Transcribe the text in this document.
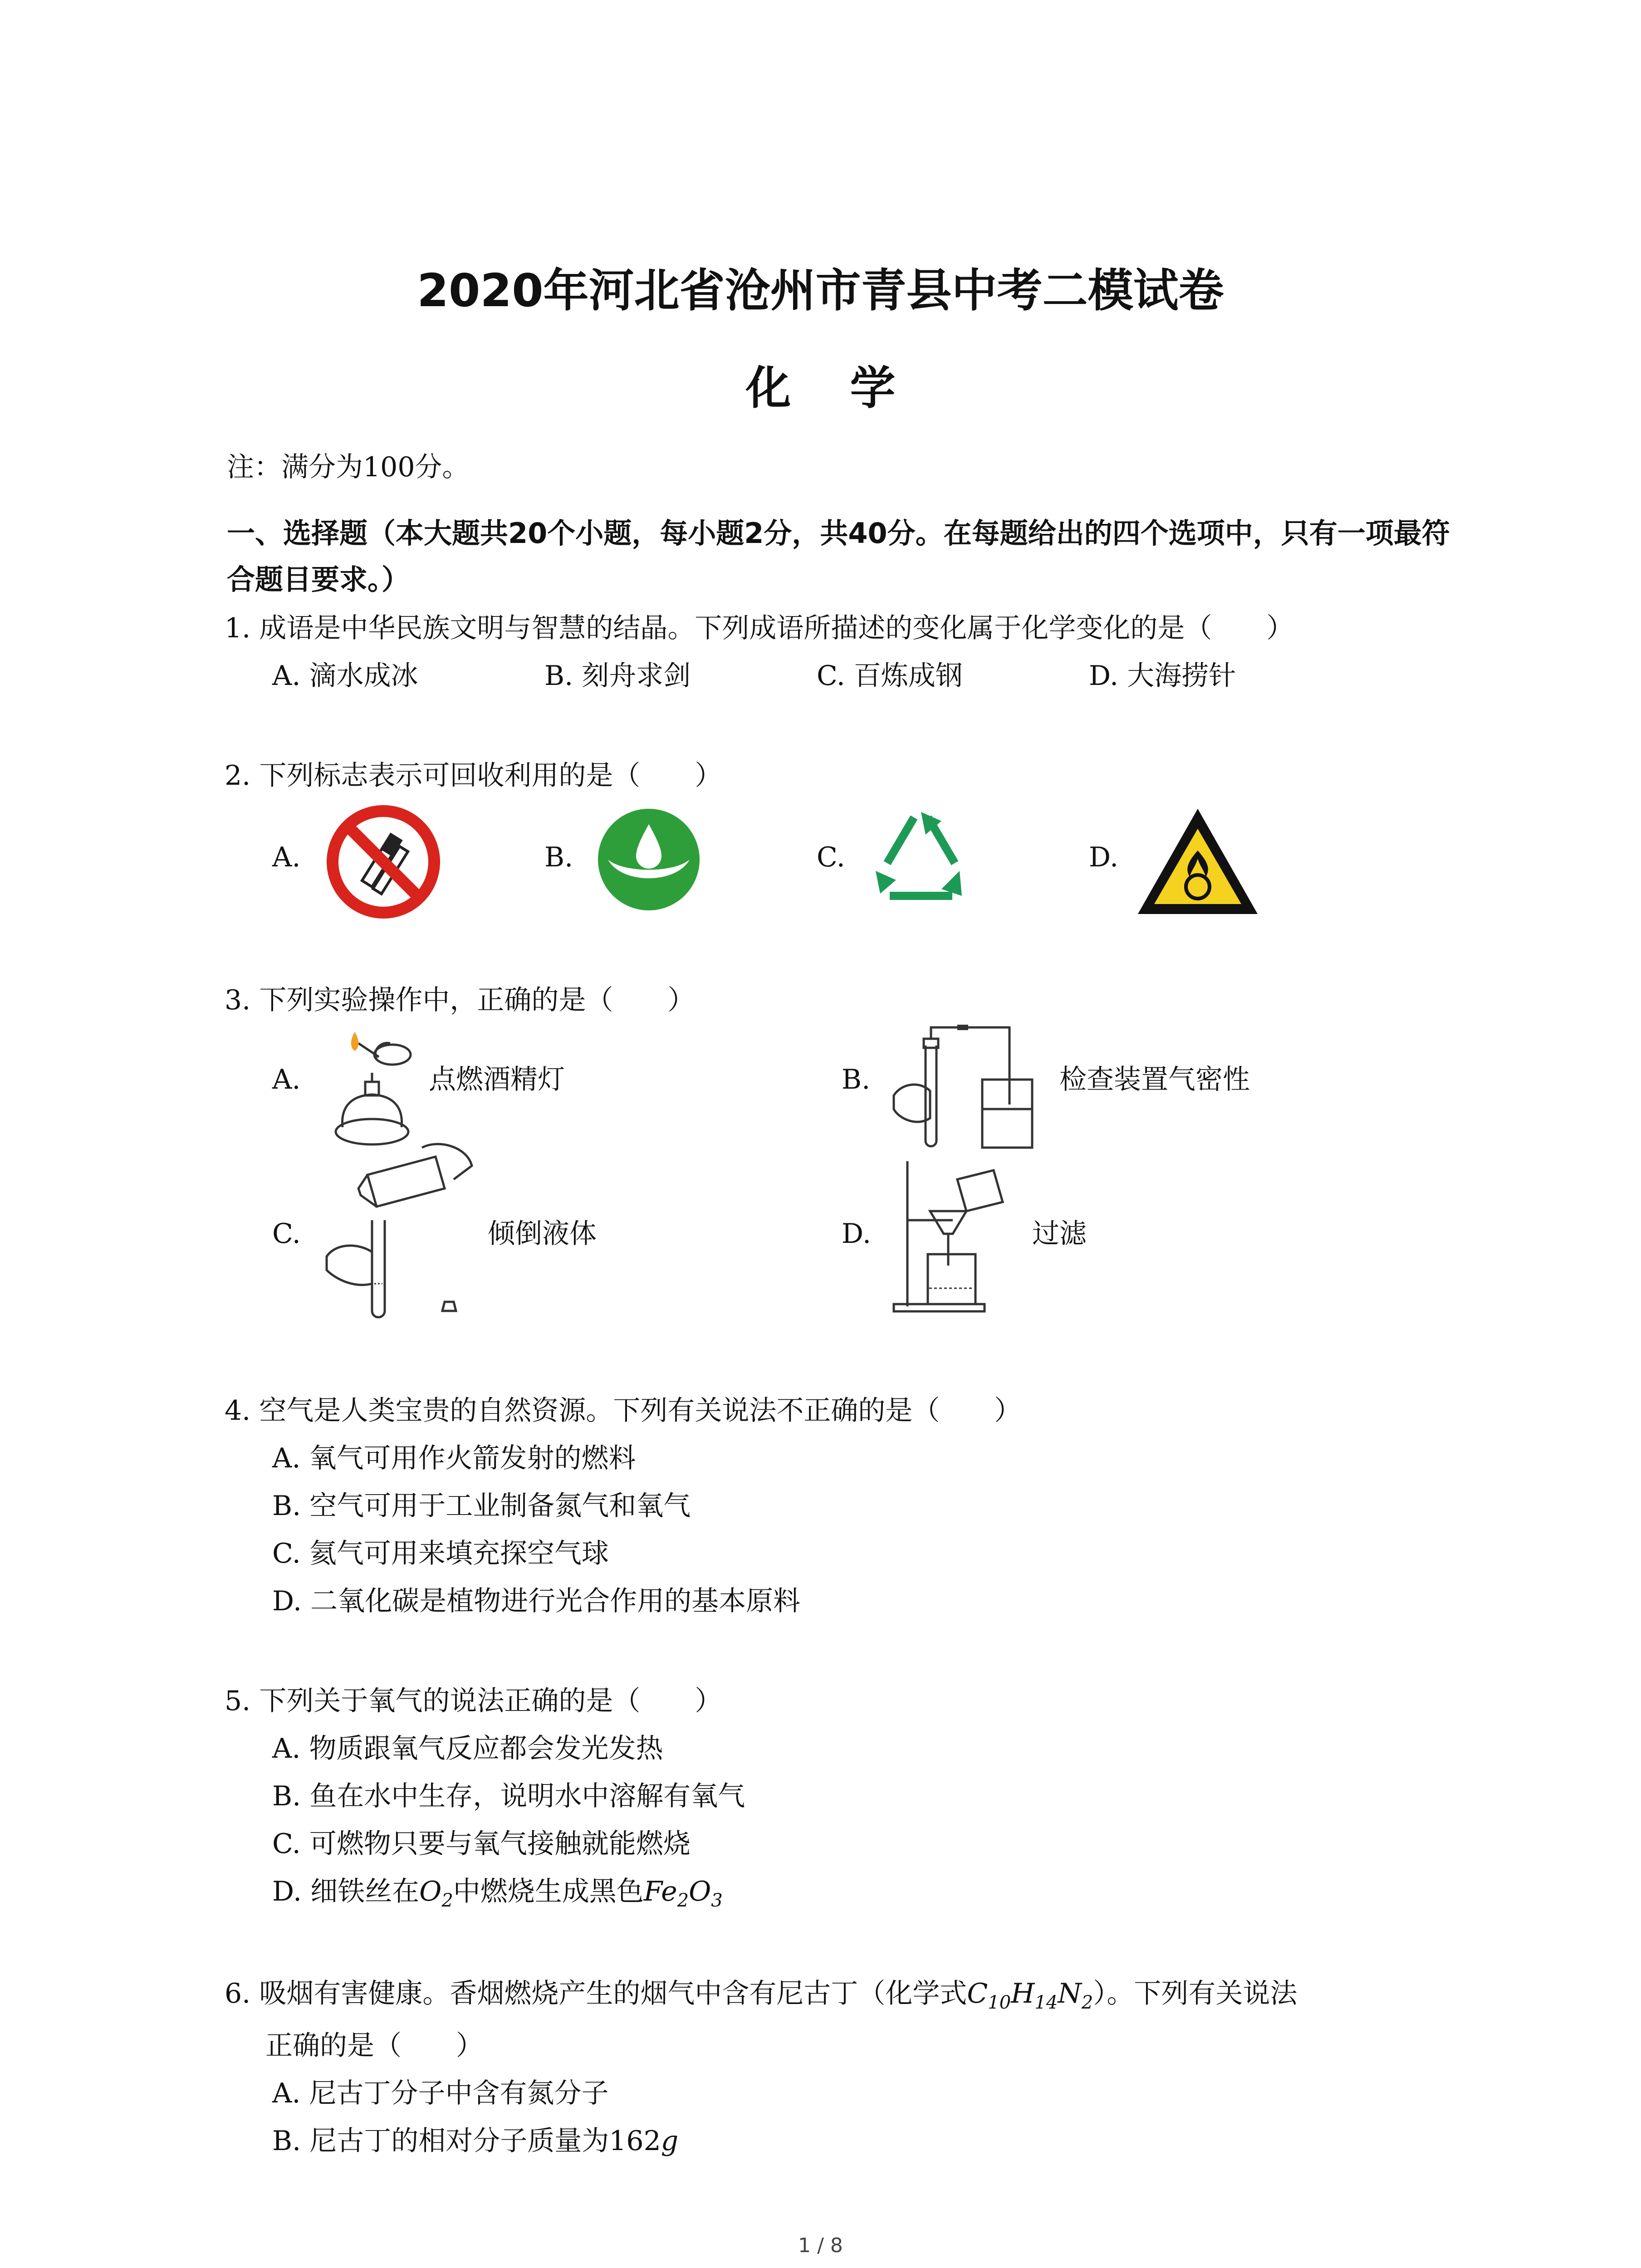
2020年河北省沧州市青县中考二模试卷
化学
注：满分为100分。
一、选择题（本大题共20个小题，每小题2分，共40分。在每题给出的四个选项中，只有一项最符合题目要求。）
1. 成语是中华民族文明与智慧的结晶。下列成语所描述的变化属于化学变化的是（　　）
A. 滴水成冰	B. 刻舟求剑	C. 百炼成钢	D. 大海捞针
2. 下列标志表示可回收利用的是（　　）
A.	B.	C.	D.
3. 下列实验操作中，正确的是（　　）
A.	点燃酒精灯	B.	检查装置气密性
C.	倾倒液体	D.	过滤
4. 空气是人类宝贵的自然资源。下列有关说法不正确的是（　　）
A. 氧气可用作火箭发射的燃料
B. 空气可用于工业制备氮气和氧气
C. 氦气可用来填充探空气球
D. 二氧化碳是植物进行光合作用的基本原料
5. 下列关于氧气的说法正确的是（　　）
A. 物质跟氧气反应都会发光发热
B. 鱼在水中生存，说明水中溶解有氧气
C. 可燃物只要与氧气接触就能燃烧
D. 细铁丝在$O_2$中燃烧生成黑色$Fe_2O_3$
6. 吸烟有害健康。香烟燃烧产生的烟气中含有尼古丁（化学式$C_{10}H_{14}N_2$）。下列有关说法
正确的是（　　）
A. 尼古丁分子中含有氮分子
B. 尼古丁的相对分子质量为162g
1 / 8
